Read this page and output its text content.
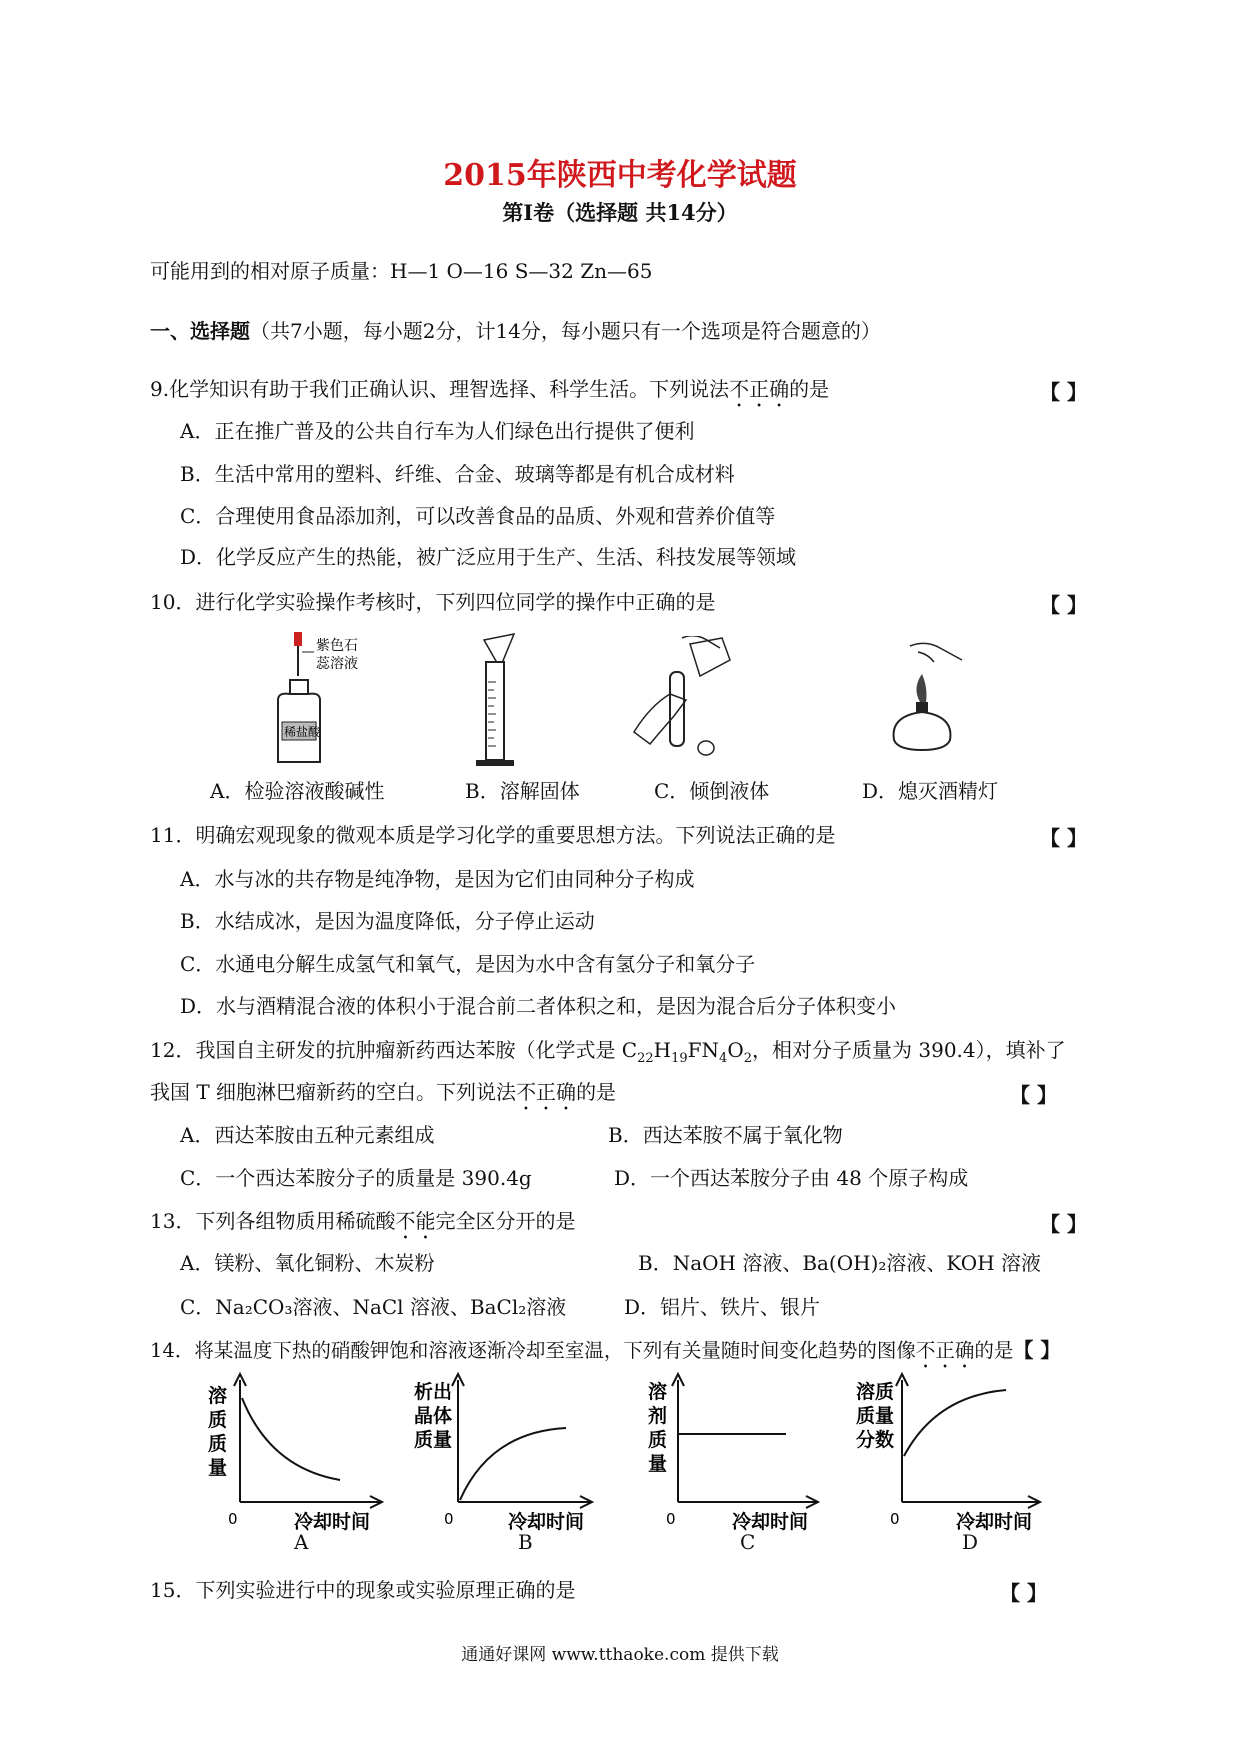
2015年陕西中考化学试题
第Ⅰ卷（选择题 共14分）
可能用到的相对原子质量：H—1 O—16 S—32 Zn—65
一、选择题（共7小题，每小题2分，计14分，每小题只有一个选项是符合题意的）
9.化学知识有助于我们正确认识、理智选择、科学生活。下列说法不正确的是	【 】
A．正在推广普及的公共自行车为人们绿色出行提供了便利
B．生活中常用的塑料、纤维、合金、玻璃等都是有机合成材料
C．合理使用食品添加剂，可以改善食品的品质、外观和营养价值等
D．化学反应产生的热能，被广泛应用于生产、生活、科技发展等领域
10．进行化学实验操作考核时，下列四位同学的操作中正确的是	【 】
紫色石
蕊溶液
稀盐酸
A．检验溶液酸碱性	B．溶解固体	C．倾倒液体	D．熄灭酒精灯
11．明确宏观现象的微观本质是学习化学的重要思想方法。下列说法正确的是	【 】
A．水与冰的共存物是纯净物，是因为它们由同种分子构成
B．水结成冰，是因为温度降低，分子停止运动
C．水通电分解生成氢气和氧气，是因为水中含有氢分子和氧分子
D．水与酒精混合液的体积小于混合前二者体积之和，是因为混合后分子体积变小
12．我国自主研发的抗肿瘤新药西达苯胺（化学式是 $C_{22}H_{19}FN_4O_2$，相对分子质量为 390.4），填补了
我国 T 细胞淋巴瘤新药的空白。下列说法不正确的是	【 】
A．西达苯胺由五种元素组成	B．西达苯胺不属于氧化物
C．一个西达苯胺分子的质量是 390.4g	D．一个西达苯胺分子由 48 个原子构成
13．下列各组物质用稀硫酸不能完全区分开的是	【 】
A．镁粉、氧化铜粉、木炭粉	B．NaOH 溶液、Ba(OH)₂溶液、KOH 溶液
C．Na₂CO₃溶液、NaCl 溶液、BaCl₂溶液	D．铝片、铁片、银片
14．将某温度下热的硝酸钾饱和溶液逐渐冷却至室温，下列有关量随时间变化趋势的图像不正确的是【 】
溶
质
质
量
0	冷却时间
A
析出
晶体
质量
0	冷却时间
B
溶
剂
质
量
0	冷却时间
C
溶质
质量
分数
0	冷却时间
D
15．下列实验进行中的现象或实验原理正确的是	【 】
通通好课网 www.tthaoke.com 提供下载
